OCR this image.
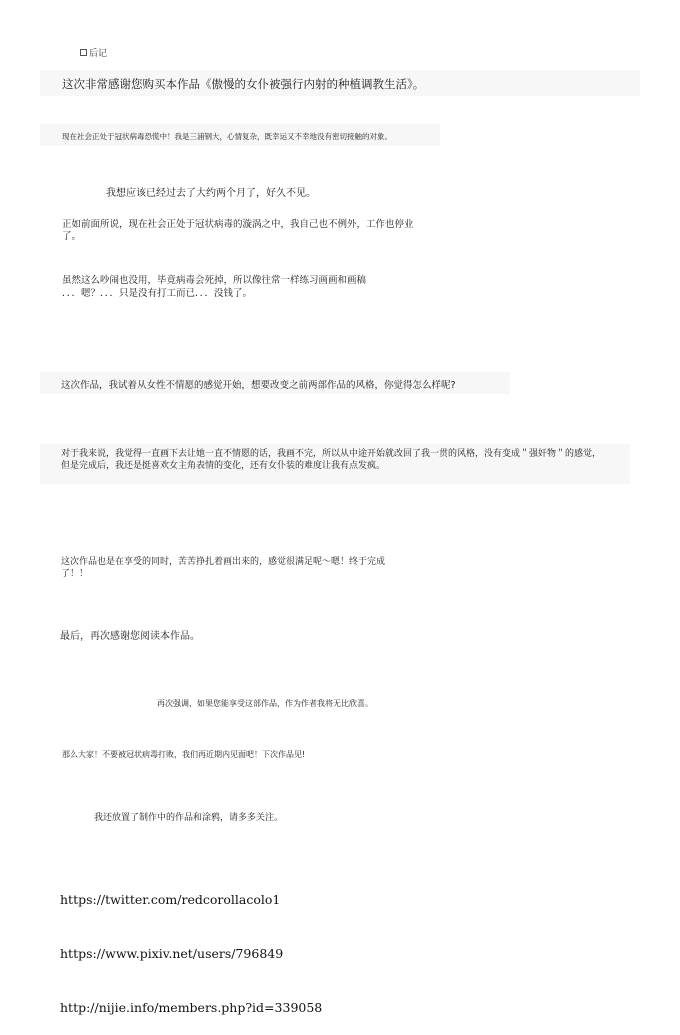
后记
这次非常感谢您购买本作品《傲慢的女仆被强行内射的种植调教生活》。
现在社会正处于冠状病毒恐慌中！我是三浦钢大，心情复杂，既幸运又不幸地没有密切接触的对象。
我想应该已经过去了大约两个月了，好久不见。
正如前面所说，现在社会正处于冠状病毒的漩涡之中，我自己也不例外，工作也停业了。
虽然这么吵闹也没用，毕竟病毒会死掉，所以像往常一样练习画画和画稿
．．．嗯？．．．只是没有打工而已．．．没钱了。
这次作品，我试着从女性不情愿的感觉开始，想要改变之前两部作品的风格，你觉得怎么样呢?
对于我来说，我觉得一直画下去让她一直不情愿的话，我画不完，所以从中途开始就改回了我一贯的风格，没有变成＂强奸物＂的感觉，
但是完成后，我还是挺喜欢女主角表情的变化，还有女仆装的难度让我有点发疯。
这次作品也是在享受的同时，苦苦挣扎着画出来的，感觉很满足呢～嗯！终于完成了！！
最后，再次感谢您阅读本作品。
再次强调，如果您能享受这部作品，作为作者我将无比欣喜。
那么大家！不要被冠状病毒打败，我们再近期内见面吧！下次作品见!
我还放置了制作中的作品和涂鸦，请多多关注。

https://twitter.com/redcorollacolo1

https://www.pixiv.net/users/796849

http://nijie.info/members.php?id=339058
